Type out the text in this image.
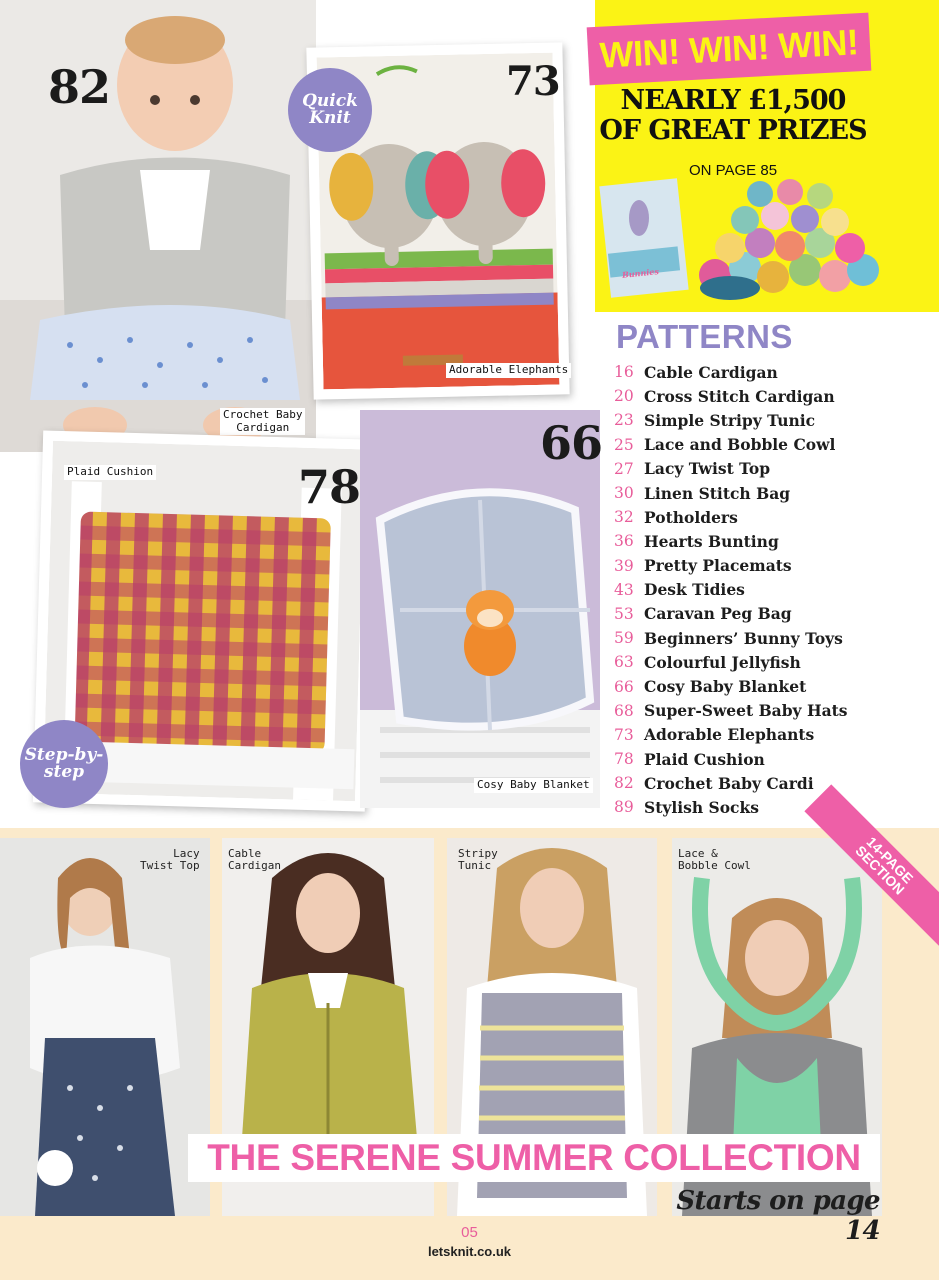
82
Crochet Baby
Cardigan
73
Quick
Knit
Adorable Elephants
WIN! WIN! WIN!
NEARLY £1,500
OF GREAT PRIZES
ON PAGE 85
Bunnies
78
Plaid Cushion
Step-by-
step
66
Cosy Baby Blanket
PATTERNS
16 Cable Cardigan
20 Cross Stitch Cardigan
23 Simple Stripy Tunic
25 Lace and Bobble Cowl
27 Lacy Twist Top
30 Linen Stitch Bag
32 Potholders
36 Hearts Bunting
39 Pretty Placemats
43 Desk Tidies
53 Caravan Peg Bag
59 Beginners’ Bunny Toys
63 Colourful Jellyfish
66 Cosy Baby Blanket
68 Super-Sweet Baby Hats
73 Adorable Elephants
78 Plaid Cushion
82 Crochet Baby Cardi
89 Stylish Socks
Lacy
Twist Top
Cable
Cardigan
Stripy
Tunic
Lace &
Bobble Cowl	14-PAGE
SECTION
THE SERENE SUMMER COLLECTION
Starts on page 14
05
letsknit.co.uk
